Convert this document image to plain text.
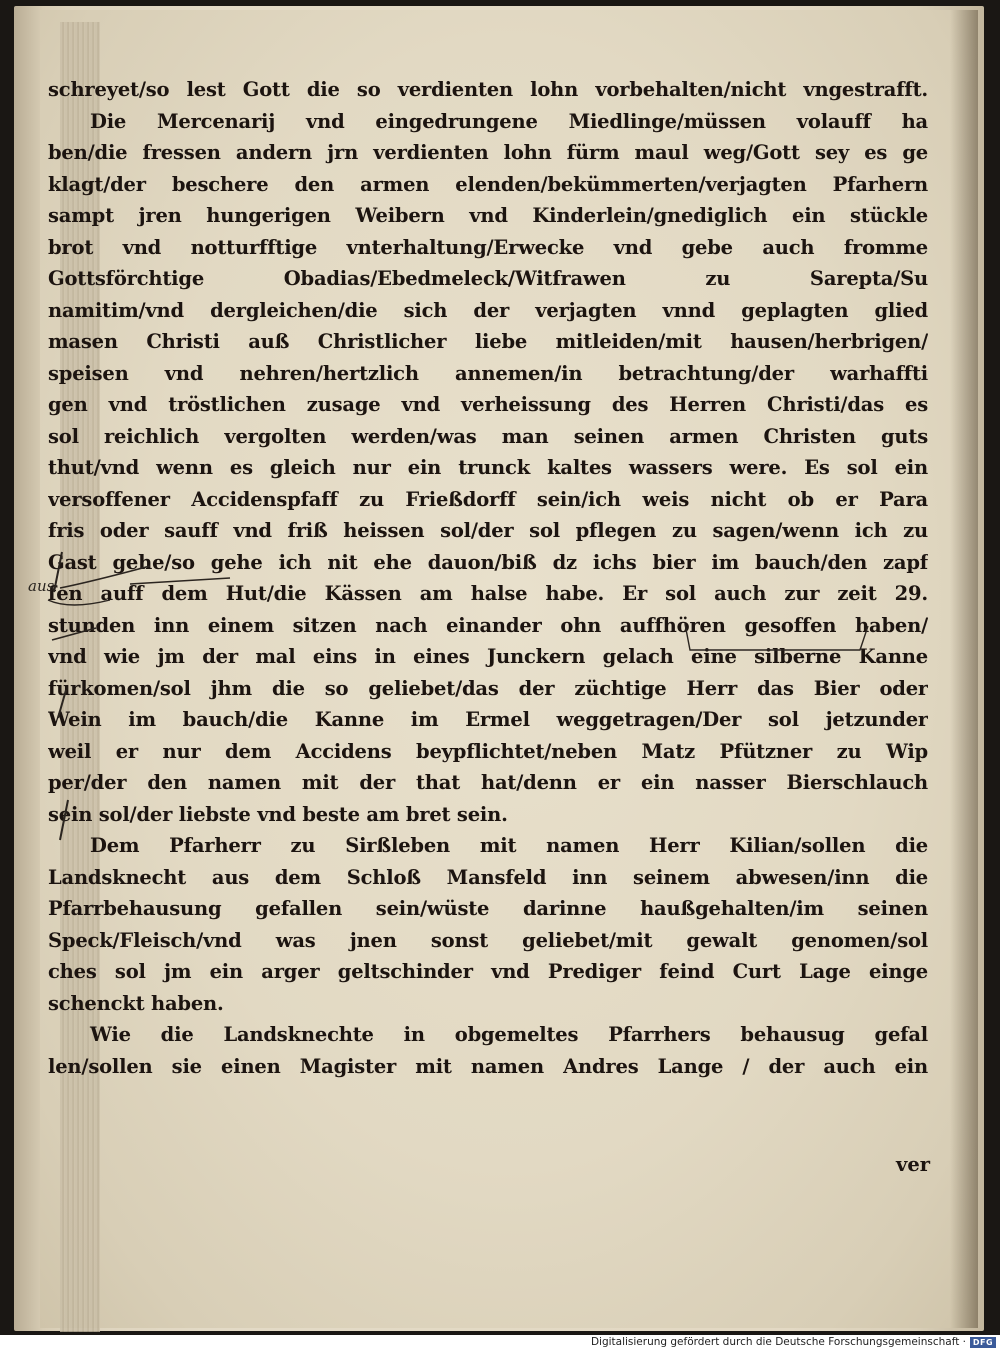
schreyet/so lest Gott die so verdienten lohn vorbehalten/nicht vngestrafft.
Die Mercenarij vnd eingedrungene Miedlinge/müssen volauff ha
ben/die fressen andern jrn verdienten lohn fürm maul weg/Gott sey es ge
klagt/der beschere den armen elenden/bekümmerten/verjagten Pfarhern
sampt jren hungerigen Weibern vnd Kinderlein/gnediglich ein stückle
brot vnd notturfftige vnterhaltung/Erwecke vnd gebe auch fromme
Gottsförchtige Obadias/Ebedmeleck/Witfrawen zu Sarepta/Su
namitim/vnd dergleichen/die sich der verjagten vnnd geplagten glied
masen Christi auß Christlicher liebe mitleiden/mit hausen/herbrigen/
speisen vnd nehren/hertzlich annemen/in betrachtung/der warhaffti
gen vnd tröstlichen zusage vnd verheissung des Herren Christi/das es
sol reichlich vergolten werden/was man seinen armen Christen guts
thut/vnd wenn es gleich nur ein trunck kaltes wassers were. Es sol ein
versoffener Accidenspfaff zu Frießdorff sein/ich weis nicht ob er Para
fris oder sauff vnd friß heissen sol/der sol pflegen zu sagen/wenn ich zu
Gast gehe/so gehe ich nit ehe dauon/biß dz ichs bier im bauch/den zapf
fen auff dem Hut/die Kässen am halse habe. Er sol auch zur zeit 29.
stunden inn einem sitzen nach einander ohn auffhören gesoffen haben/
vnd wie jm der mal eins in eines Junckern gelach eine silberne Kanne
fürkomen/sol jhm die so geliebet/das der züchtige Herr das Bier oder
Wein im bauch/die Kanne im Ermel weggetragen/Der sol jetzunder
weil er nur dem Accidens beypflichtet/neben Matz Pfützner zu Wip
per/der den namen mit der that hat/denn er ein nasser Bierschlauch
sein sol/der liebste vnd beste am bret sein.
Dem Pfarherr zu Sirßleben mit namen Herr Kilian/sollen die
Landsknecht aus dem Schloß Mansfeld inn seinem abwesen/inn die
Pfarrbehausung gefallen sein/wüste darinne haußgehalten/im seinen
Speck/Fleisch/vnd was jnen sonst geliebet/mit gewalt genomen/sol
ches sol jm ein arger geltschinder vnd Prediger feind Curt Lage einge
schenckt haben.
Wie die Landsknechte in obgemeltes Pfarrhers behausug gefal
len/sollen sie einen Magister mit namen Andres Lange / der auch ein
ver
aus
Digitalisierung gefördert durch die Deutsche Forschungsgemeinschaft · DFG
